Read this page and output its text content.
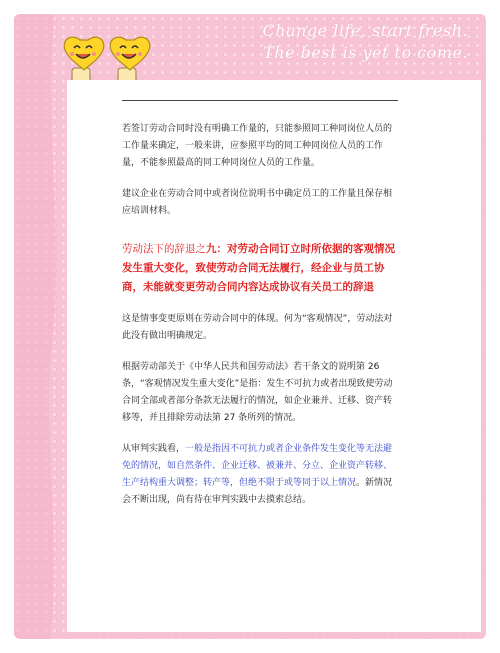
Change life, start fresh.
The best is yet to come.

若签订劳动合同时没有明确工作量的，只能参照同工种同岗位人员的工作量来确定，一般来讲，应参照平均的同工种同岗位人员的工作量，不能参照最高的同工种同岗位人员的工作量。

建议企业在劳动合同中或者岗位说明书中确定员工的工作量且保存相应培训材料。

劳动法下的辞退之九：对劳动合同订立时所依据的客观情况发生重大变化，致使劳动合同无法履行，经企业与员工协商，未能就变更劳动合同内容达成协议有关员工的辞退

这是情事变更原则在劳动合同中的体现。何为“客观情况”，劳动法对此没有做出明确规定。

根据劳动部关于《中华人民共和国劳动法》若干条文的说明第 26 条，“客观情况发生重大变化”是指：发生不可抗力或者出现致使劳动合同全部或者部分条款无法履行的情况，如企业兼并、迁移、资产转移等，并且排除劳动法第 27 条所列的情况。

从审判实践看，一般是指因不可抗力或者企业条件发生变化等无法避免的情况，如自然条件、企业迁移、被兼并、分立、企业资产转移、生产结构重大调整；转产等，但绝不限于或等同于以上情况。新情况会不断出现，尚有待在审判实践中去摸索总结。
